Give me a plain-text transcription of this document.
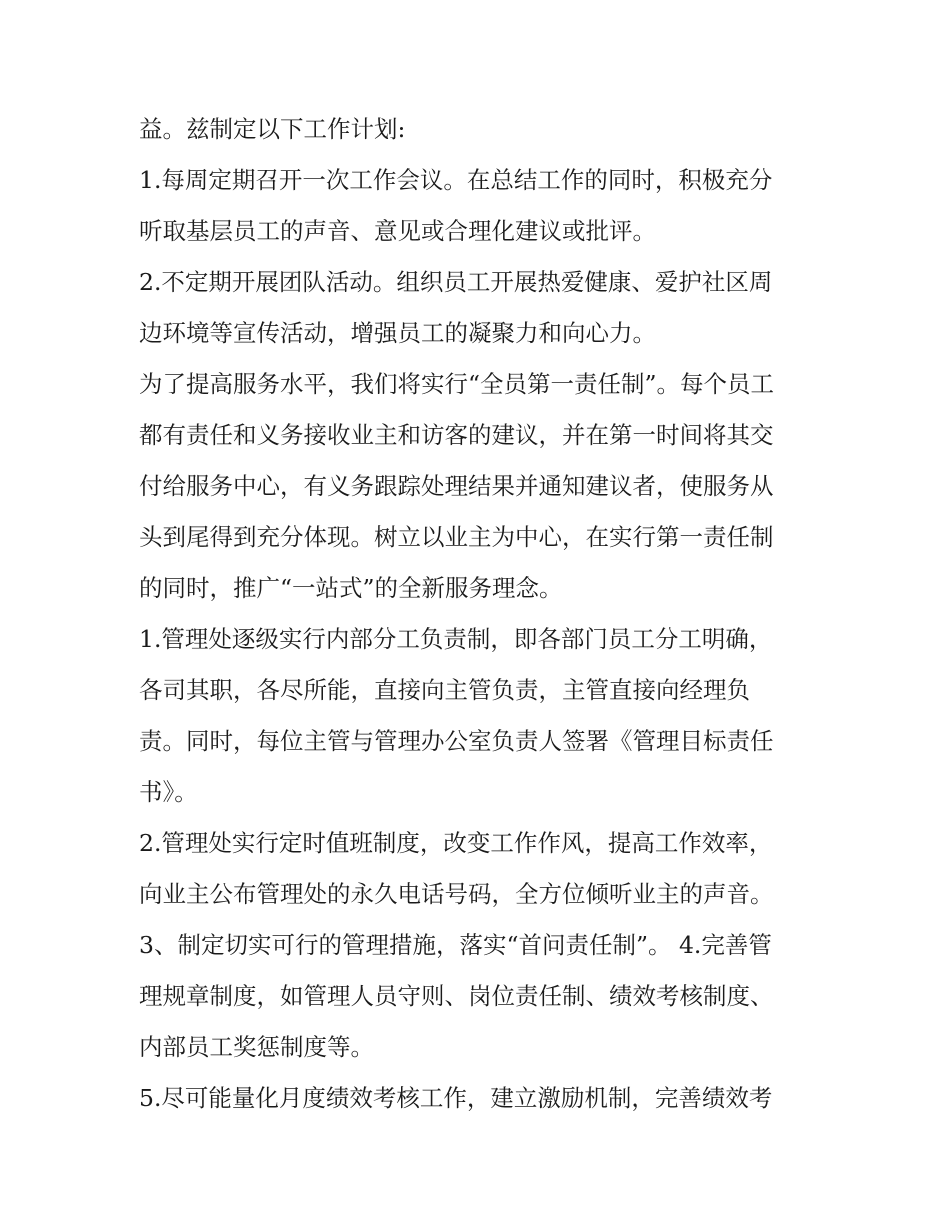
益。兹制定以下工作计划:
1.每周定期召开一次工作会议。在总结工作的同时，积极充分
听取基层员工的声音、意见或合理化建议或批评。
2.不定期开展团队活动。组织员工开展热爱健康、爱护社区周
边环境等宣传活动，增强员工的凝聚力和向心力。
为了提高服务水平，我们将实行“全员第一责任制”。每个员工
都有责任和义务接收业主和访客的建议，并在第一时间将其交
付给服务中心，有义务跟踪处理结果并通知建议者，使服务从
头到尾得到充分体现。树立以业主为中心，在实行第一责任制
的同时，推广“一站式”的全新服务理念。
1.管理处逐级实行内部分工负责制，即各部门员工分工明确，
各司其职，各尽所能，直接向主管负责，主管直接向经理负
责。同时，每位主管与管理办公室负责人签署《管理目标责任
书》。
2.管理处实行定时值班制度，改变工作作风，提高工作效率，
向业主公布管理处的永久电话号码，全方位倾听业主的声音。
3、制定切实可行的管理措施，落实“首问责任制”。 4.完善管
理规章制度，如管理人员守则、岗位责任制、绩效考核制度、
内部员工奖惩制度等。
5.尽可能量化月度绩效考核工作，建立激励机制，完善绩效考
